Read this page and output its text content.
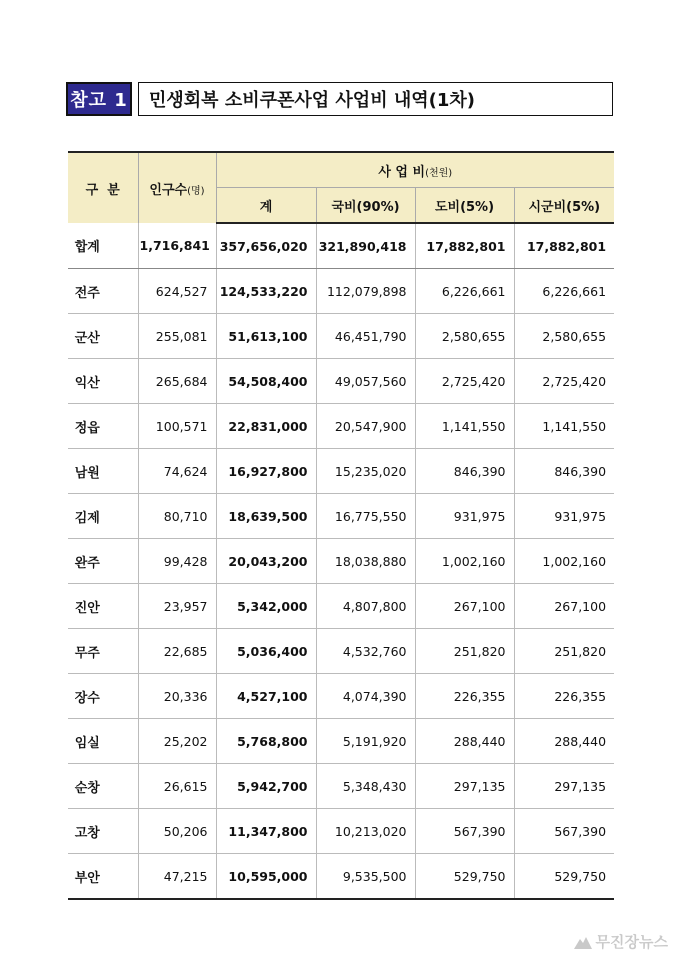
참고 1	민생회복 소비쿠폰사업 사업비 내역(1차)
구  분	인구수(명)	사 업 비(천원)			
		계	국비(90%)	도비(5%)	시군비(5%)
합계	1,716,841	357,656,020	321,890,418	17,882,801	17,882,801
전주	624,527	124,533,220	112,079,898	6,226,661	6,226,661
군산	255,081	51,613,100	46,451,790	2,580,655	2,580,655
익산	265,684	54,508,400	49,057,560	2,725,420	2,725,420
정읍	100,571	22,831,000	20,547,900	1,141,550	1,141,550
남원	74,624	16,927,800	15,235,020	846,390	846,390
김제	80,710	18,639,500	16,775,550	931,975	931,975
완주	99,428	20,043,200	18,038,880	1,002,160	1,002,160
진안	23,957	5,342,000	4,807,800	267,100	267,100
무주	22,685	5,036,400	4,532,760	251,820	251,820
장수	20,336	4,527,100	4,074,390	226,355	226,355
임실	25,202	5,768,800	5,191,920	288,440	288,440
순창	26,615	5,942,700	5,348,430	297,135	297,135
고창	50,206	11,347,800	10,213,020	567,390	567,390
부안	47,215	10,595,000	9,535,500	529,750	529,750
무진장뉴스
